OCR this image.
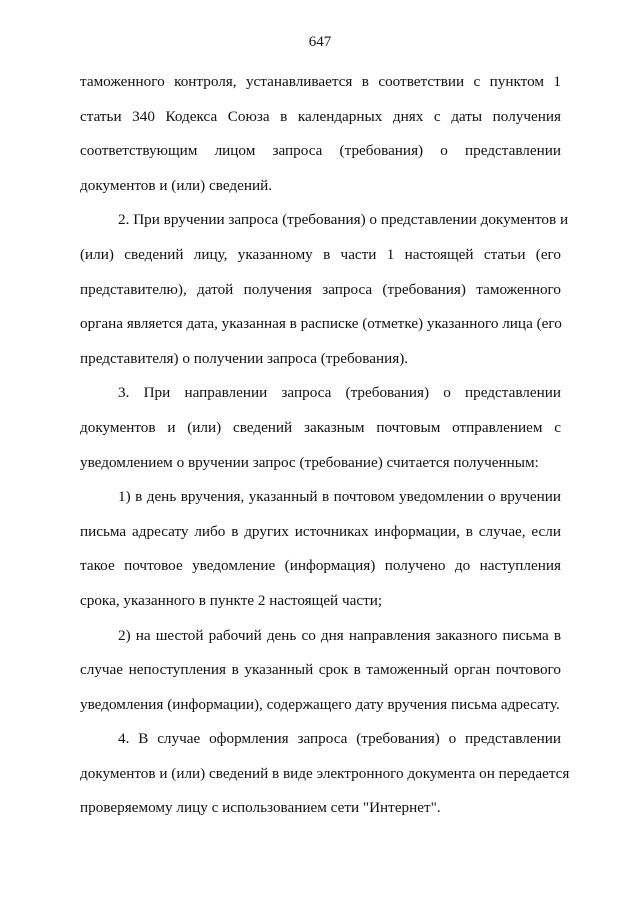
647

таможенного контроля, устанавливается в соответствии с пунктом 1
статьи 340 Кодекса Союза в календарных днях с даты получения
соответствующим лицом запроса (требования) о представлении
документов и (или) сведений.

2. При вручении запроса (требования) о представлении документов и
(или) сведений лицу, указанному в части 1 настоящей статьи (его
представителю), датой получения запроса (требования) таможенного
органа является дата, указанная в расписке (отметке) указанного лица (его
представителя) о получении запроса (требования).

3. При направлении запроса (требования) о представлении
документов и (или) сведений заказным почтовым отправлением с
уведомлением о вручении запрос (требование) считается полученным:

1) в день вручения, указанный в почтовом уведомлении о вручении
письма адресату либо в других источниках информации, в случае, если
такое почтовое уведомление (информация) получено до наступления
срока, указанного в пункте 2 настоящей части;

2) на шестой рабочий день со дня направления заказного письма в
случае непоступления в указанный срок в таможенный орган почтового
уведомления (информации), содержащего дату вручения письма адресату.

4. В случае оформления запроса (требования) о представлении
документов и (или) сведений в виде электронного документа он передается
проверяемому лицу с использованием сети "Интернет".
